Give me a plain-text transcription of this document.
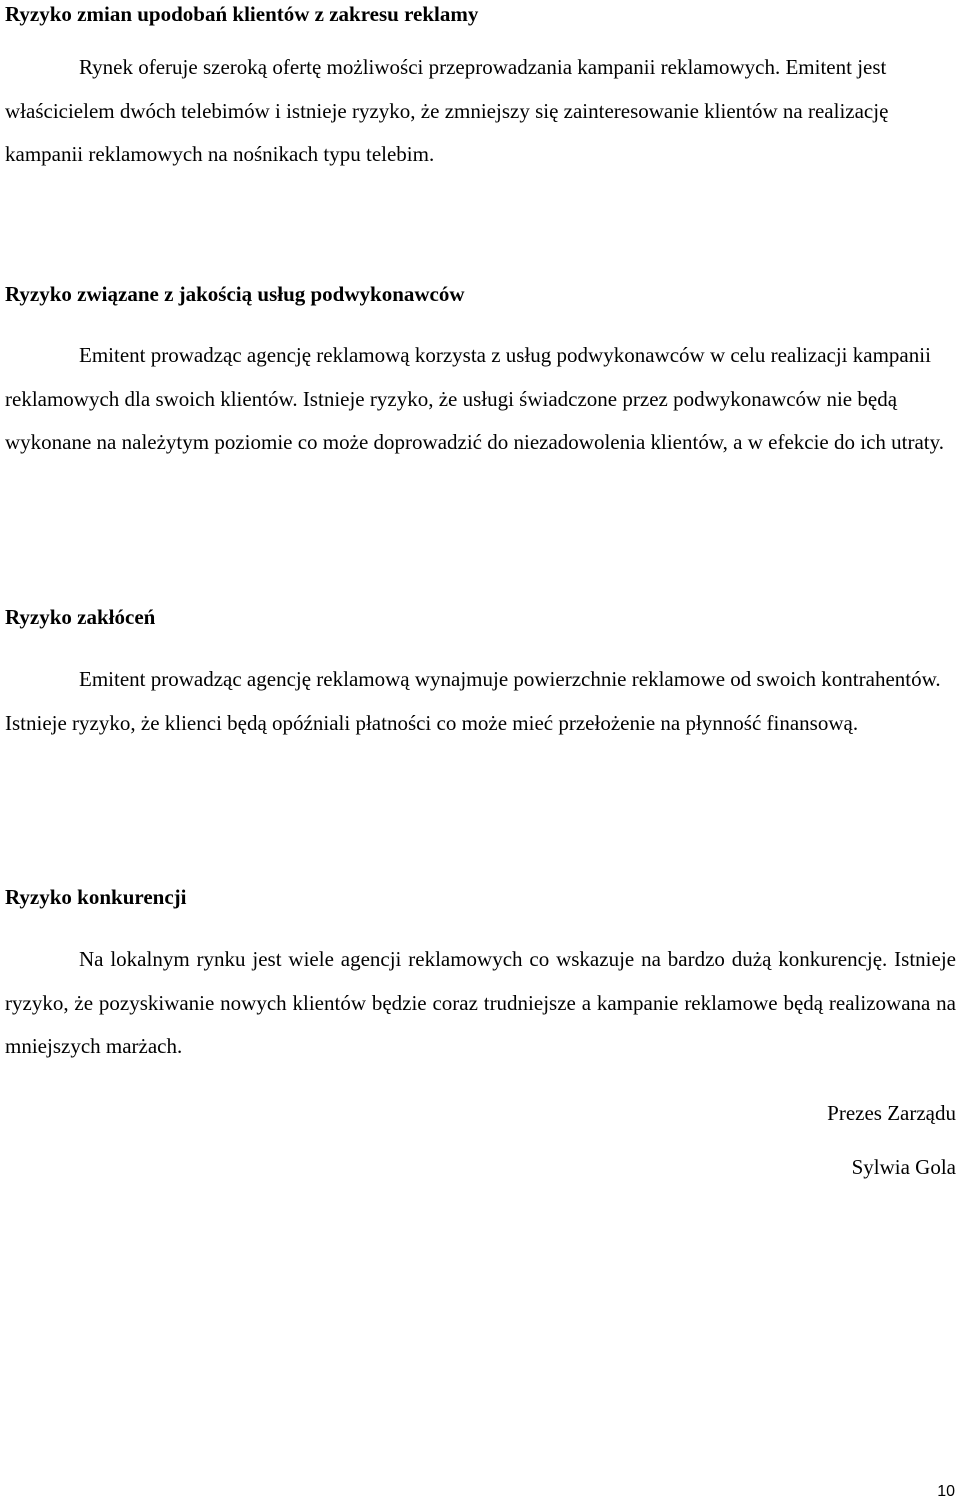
Ryzyko zmian upodobań klientów z zakresu reklamy

Rynek oferuje szeroką ofertę możliwości przeprowadzania kampanii reklamowych. Emitent jest właścicielem dwóch telebimów i istnieje ryzyko, że zmniejszy się zainteresowanie klientów na realizację kampanii reklamowych na nośnikach typu telebim.

Ryzyko związane z jakością usług podwykonawców

Emitent prowadząc agencję reklamową korzysta z usług podwykonawców w celu realizacji kampanii reklamowych dla swoich klientów. Istnieje ryzyko, że usługi świadczone przez podwykonawców nie będą wykonane na należytym poziomie co może doprowadzić do niezadowolenia klientów, a w efekcie do ich utraty.

Ryzyko zakłóceń

Emitent prowadząc agencję reklamową wynajmuje powierzchnie reklamowe od swoich kontrahentów. Istnieje ryzyko, że klienci będą opóźniali płatności co może mieć przełożenie na płynność finansową.

Ryzyko konkurencji

Na lokalnym rynku jest wiele agencji reklamowych co wskazuje na bardzo dużą konkurencję. Istnieje ryzyko, że pozyskiwanie nowych klientów będzie coraz trudniejsze a kampanie reklamowe będą realizowana na mniejszych marżach.

Prezes Zarządu

Sylwia Gola

10
